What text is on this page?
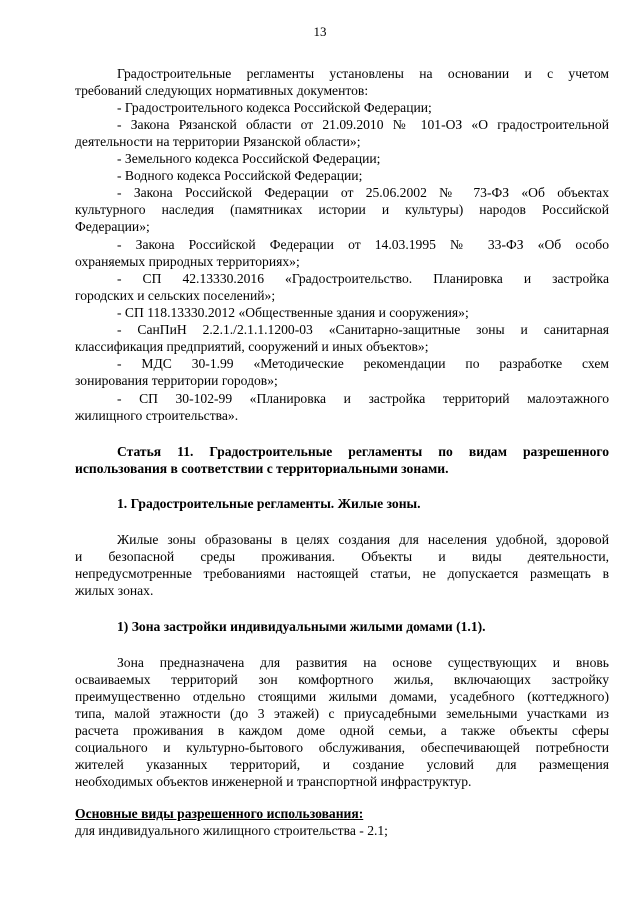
13
Градостроительные регламенты установлены на основании и с учетом
требований следующих нормативных документов:
- Градостроительного кодекса Российской Федерации;
- Закона Рязанской области от 21.09.2010 № 101-ОЗ «О градостроительной
деятельности на территории Рязанской области»;
- Земельного кодекса Российской Федерации;
- Водного кодекса Российской Федерации;
- Закона Российской Федерации от 25.06.2002 № 73-ФЗ «Об объектах
культурного наследия (памятниках истории и культуры) народов Российской
Федерации»;
- Закона Российской Федерации от 14.03.1995 № 33-ФЗ «Об особо
охраняемых природных территориях»;
- СП 42.13330.2016 «Градостроительство. Планировка и застройка
городских и сельских поселений»;
- СП 118.13330.2012 «Общественные здания и сооружения»;
- СанПиН 2.2.1./2.1.1.1200-03 «Санитарно-защитные зоны и санитарная
классификация предприятий, сооружений и иных объектов»;
- МДС 30-1.99 «Методические рекомендации по разработке схем
зонирования территории городов»;
- СП 30-102-99 «Планировка и застройка территорий малоэтажного
жилищного строительства».
Статья 11. Градостроительные регламенты по видам разрешенного
использования в соответствии с территориальными зонами.
1. Градостроительные регламенты. Жилые зоны.
Жилые зоны образованы в целях создания для населения удобной, здоровой
и безопасной среды проживания. Объекты и виды деятельности,
непредусмотренные требованиями настоящей статьи, не допускается размещать в
жилых зонах.
1) Зона застройки индивидуальными жилыми домами (1.1).
Зона предназначена для развития на основе существующих и вновь
осваиваемых территорий зон комфортного жилья, включающих застройку
преимущественно отдельно стоящими жилыми домами, усадебного (коттеджного)
типа, малой этажности (до 3 этажей) с приусадебными земельными участками из
расчета проживания в каждом доме одной семьи, а также объекты сферы
социального и культурно-бытового обслуживания, обеспечивающей потребности
жителей указанных территорий, и создание условий для размещения
необходимых объектов инженерной и транспортной инфраструктур.
Основные виды разрешенного использования:
для индивидуального жилищного строительства - 2.1;
